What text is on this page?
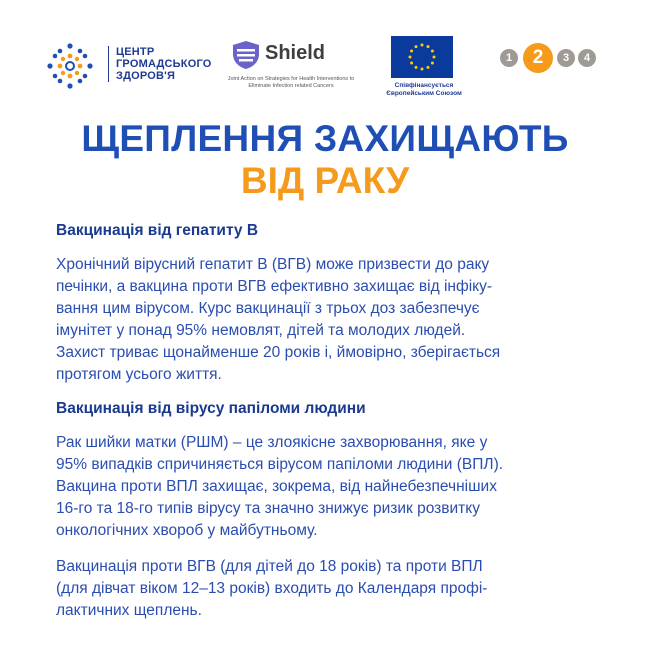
ЦЕНТР
ГРОМАДСЬКОГО
ЗДОРОВ'Я
Shield
Joint Action on Strategies for Health Interventions to Eliminate Infection related Cancers	Співфінансується Європейським Союзом
1	2	3	4
ЩЕПЛЕННЯ ЗАХИЩАЮТЬ
ВІД РАКУ
Вакцинація від гепатиту В
Хронічний вірусний гепатит В (ВГВ) може призвести до раку
печінки, а вакцина проти ВГВ ефективно захищає від інфіку-
вання цим вірусом. Курс вакцинації з трьох доз забезпечує
імунітет у понад 95% немовлят, дітей та молодих людей.
Захист триває щонайменше 20 років і, ймовірно, зберігається
протягом усього життя.
Вакцинація від вірусу папіломи людини
Рак шийки матки (РШМ) – це злоякісне захворювання, яке у
95% випадків спричиняється вірусом папіломи людини (ВПЛ).
Вакцина проти ВПЛ захищає, зокрема, від найнебезпечніших
16-го та 18-го типів вірусу та значно знижує ризик розвитку
онкологічних хвороб у майбутньому.
Вакцинація проти ВГВ (для дітей до 18 років) та проти ВПЛ
(для дівчат віком 12–13 років) входить до Календаря профі-
лактичних щеплень.
